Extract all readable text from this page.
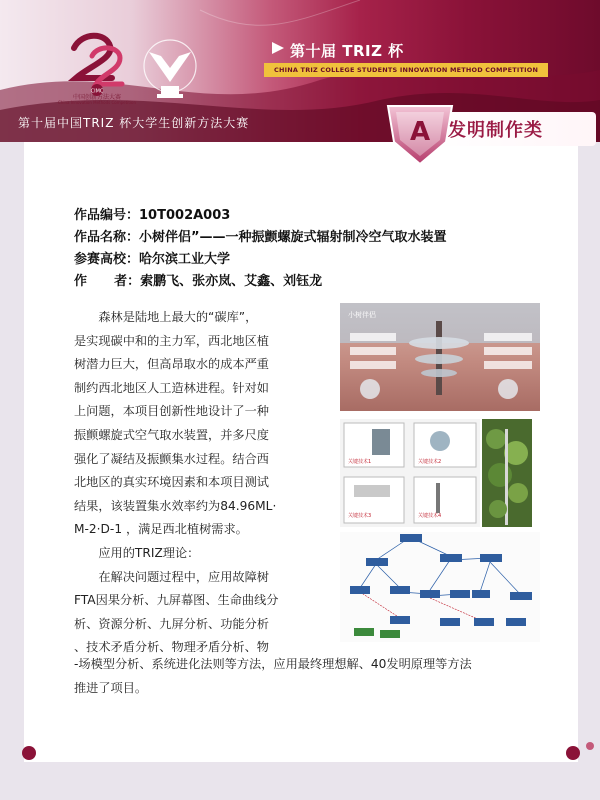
CIMC
中国创新方法大赛
China Innovation Methods Competition
第十届 TRIZ 杯
CHINA TRIZ COLLEGE STUDENTS INNOVATION METHOD COMPETITION
第十届中国TRIZ 杯大学生创新方法大赛	发明制作类
A
作品编号：10T002A003
作品名称：小树伴侣”——一种振颤螺旋式辐射制冷空气取水装置
参赛高校：哈尔滨工业大学
作      者：索鹏飞、张亦岚、艾鑫、刘钰龙

　　森林是陆地上最大的“碳库”，

是实现碳中和的主力军，西北地区植

树潜力巨大，但高昂取水的成本严重

制约西北地区人工造林进程。针对如

上问题，本项目创新性地设计了一种

振颤螺旋式空气取水装置，并多尺度

强化了凝结及振颤集水过程。结合西

北地区的真实环境因素和本项目测试

结果，该装置集水效率约为84.96ML·

M-2·D-1 ，满足西北植树需求。

　　应用的TRIZ理论：

　　在解决问题过程中，应用故障树

FTA因果分析、九屏幕图、生命曲线分

析、资源分析、九屏分析、功能分析

、技术矛盾分析、物理矛盾分析、物

-场模型分析、系统进化法则等方法，应用最终理想解、40发明原理等方法

推进了项目。

小树伴侣
关键技术1	关键技术2
关键技术3	关键技术4
